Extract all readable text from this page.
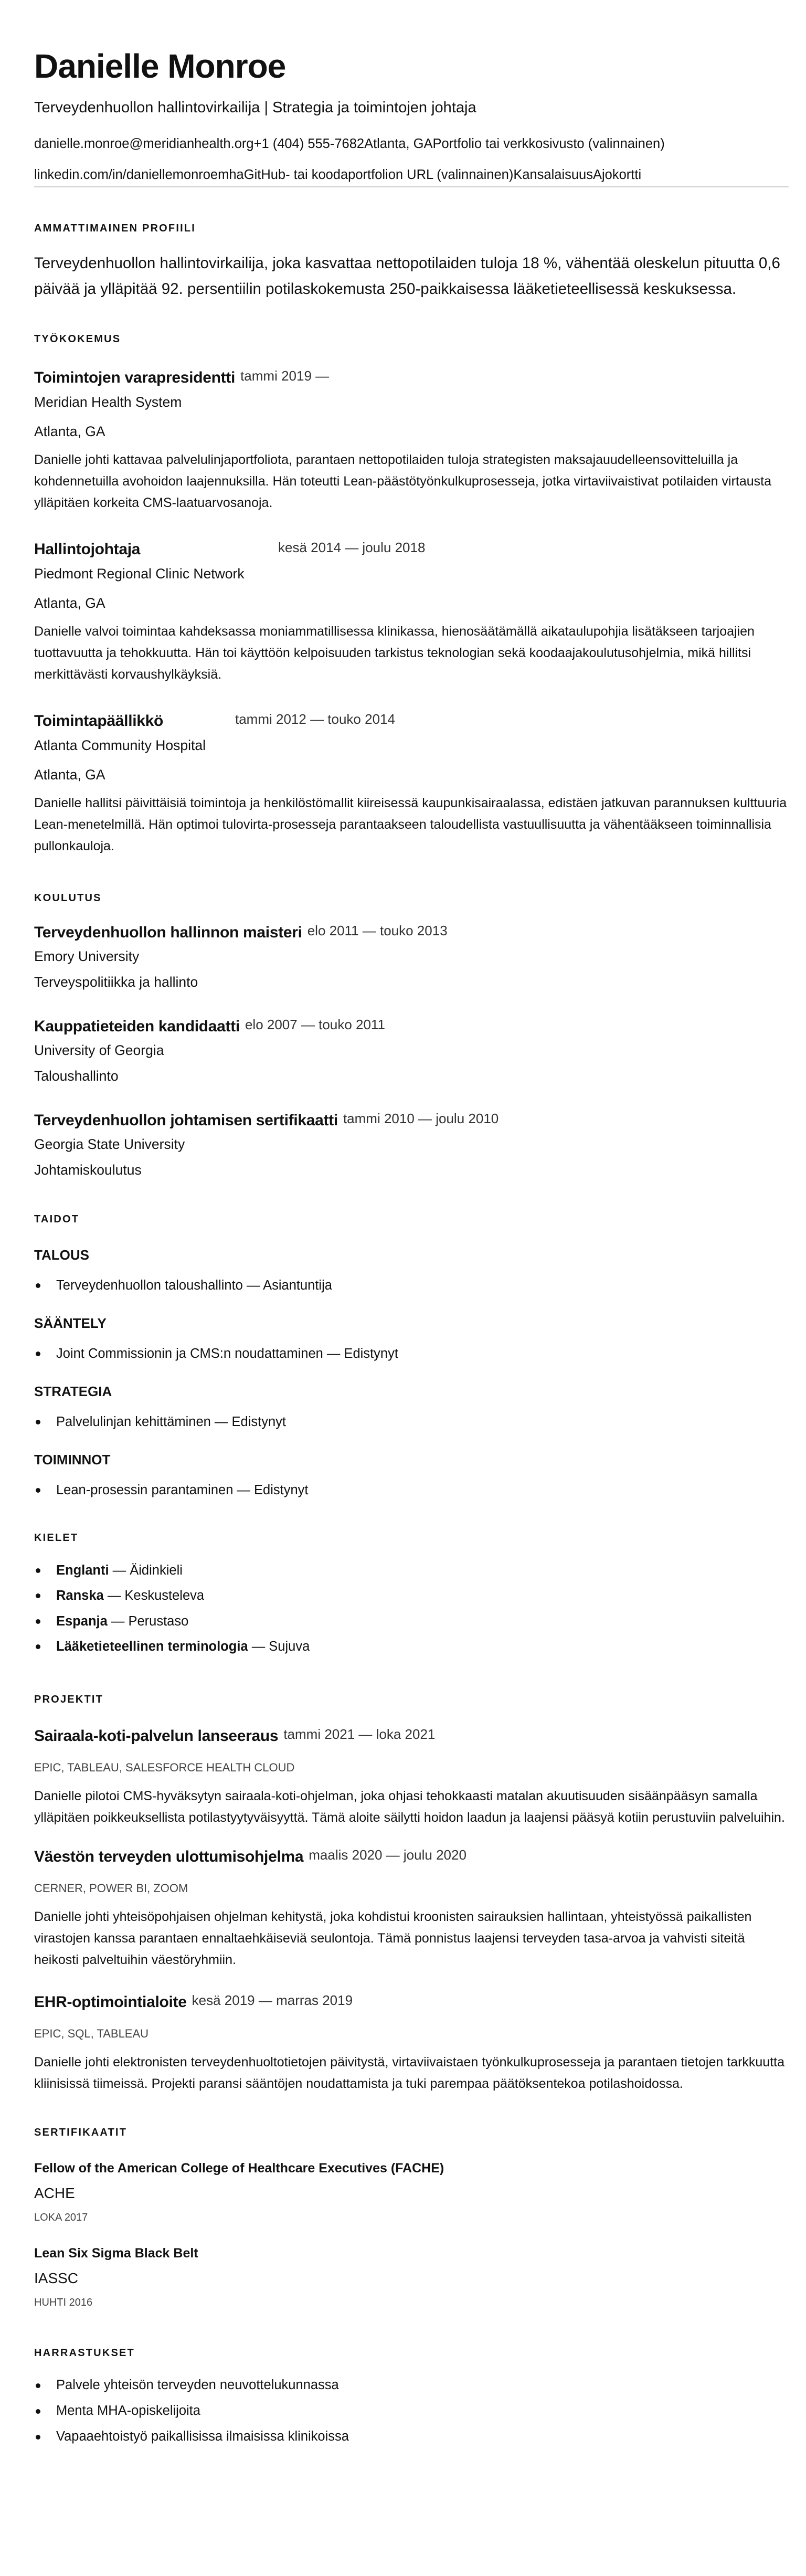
Danielle Monroe
Terveydenhuollon hallintovirkailija | Strategia ja toimintojen johtaja
danielle.monroe@meridianhealth.org +1 (404) 555-7682 Atlanta, GA Portfolio tai verkkosivusto (valinnainen)
linkedin.com/in/daniellemonroemha GitHub- tai koodaportfolion URL (valinnainen) Kansalaisuus Ajokortti
AMMATTIMAINEN PROFIILI

Terveydenhuollon hallintovirkailija, joka kasvattaa nettopotilaiden tuloja 18 %, vähentää oleskelun pituutta 0,6 päivää ja ylläpitää 92. persentiilin potilaskokemusta 250-paikkaisessa lääketieteellisessä keskuksessa.

TYÖKOKEMUS
Toimintojen varapresidentti tammi 2019 —
Meridian Health System
Atlanta, GA

Danielle johti kattavaa palvelulinjaportfoliota, parantaen nettopotilaiden tuloja strategisten maksajauudelleensovitteluilla ja kohdennetuilla avohoidon laajennuksilla. Hän toteutti Lean-päästötyönkulkuprosesseja, jotka virtaviivaistivat potilaiden virtausta ylläpitäen korkeita CMS-laatuarvosanoja.

Hallintojohtaja	kesä 2014 — joulu 2018
Piedmont Regional Clinic Network
Atlanta, GA

Danielle valvoi toimintaa kahdeksassa moniammatillisessa klinikassa, hienosäätämällä aikataulupohjia lisätäkseen tarjoajien tuottavuutta ja tehokkuutta. Hän toi käyttöön kelpoisuuden tarkistus teknologian sekä koodaajakoulutusohjelmia, mikä hillitsi merkittävästi korvaushylkäyksiä.

Toimintapäällikkö	tammi 2012 — touko 2014
Atlanta Community Hospital
Atlanta, GA

Danielle hallitsi päivittäisiä toimintoja ja henkilöstömallit kiireisessä kaupunkisairaalassa, edistäen jatkuvan parannuksen kulttuuria Lean-menetelmillä. Hän optimoi tulovirta-prosesseja parantaakseen taloudellista vastuullisuutta ja vähentääkseen toiminnallisia pullonkauloja.

KOULUTUS
Terveydenhuollon hallinnon maisteri elo 2011 — touko 2013
Emory University
Terveyspolitiikka ja hallinto
Kauppatieteiden kandidaatti elo 2007 — touko 2011
University of Georgia
Taloushallinto
Terveydenhuollon johtamisen sertifikaatti tammi 2010 — joulu 2010
Georgia State University
Johtamiskoulutus
TAIDOT
TALOUS
Terveydenhuollon taloushallinto — Asiantuntija
SÄÄNTELY
Joint Commissionin ja CMS:n noudattaminen — Edistynyt
STRATEGIA
Palvelulinjan kehittäminen — Edistynyt
TOIMINNOT
Lean-prosessin parantaminen — Edistynyt
KIELET
Englanti — Äidinkieli
Ranska — Keskusteleva
Espanja — Perustaso
Lääketieteellinen terminologia — Sujuva
PROJEKTIT
Sairaala-koti-palvelun lanseeraus tammi 2021 — loka 2021
EPIC, TABLEAU, SALESFORCE HEALTH CLOUD

Danielle pilotoi CMS-hyväksytyn sairaala-koti-ohjelman, joka ohjasi tehokkaasti matalan akuutisuuden sisäänpääsyn samalla ylläpitäen poikkeuksellista potilastyytyväisyyttä. Tämä aloite säilytti hoidon laadun ja laajensi pääsyä kotiin perustuviin palveluihin.

Väestön terveyden ulottumisohjelma maalis 2020 — joulu 2020
CERNER, POWER BI, ZOOM

Danielle johti yhteisöpohjaisen ohjelman kehitystä, joka kohdistui kroonisten sairauksien hallintaan, yhteistyössä paikallisten virastojen kanssa parantaen ennaltaehkäiseviä seulontoja. Tämä ponnistus laajensi terveyden tasa-arvoa ja vahvisti siteitä heikosti palveltuihin väestöryhmiin.

EHR-optimointialoite kesä 2019 — marras 2019
EPIC, SQL, TABLEAU

Danielle johti elektronisten terveydenhuoltotietojen päivitystä, virtaviivaistaen työnkulkuprosesseja ja parantaen tietojen tarkkuutta kliinisissä tiimeissä. Projekti paransi sääntöjen noudattamista ja tuki parempaa päätöksentekoa potilashoidossa.

SERTIFIKAATIT
Fellow of the American College of Healthcare Executives (FACHE)
ACHE
LOKA 2017
Lean Six Sigma Black Belt
IASSC
HUHTI 2016
HARRASTUKSET
Palvele yhteisön terveyden neuvottelukunnassa
Menta MHA-opiskelijoita
Vapaaehtoistyö paikallisissa ilmaisissa klinikoissa
